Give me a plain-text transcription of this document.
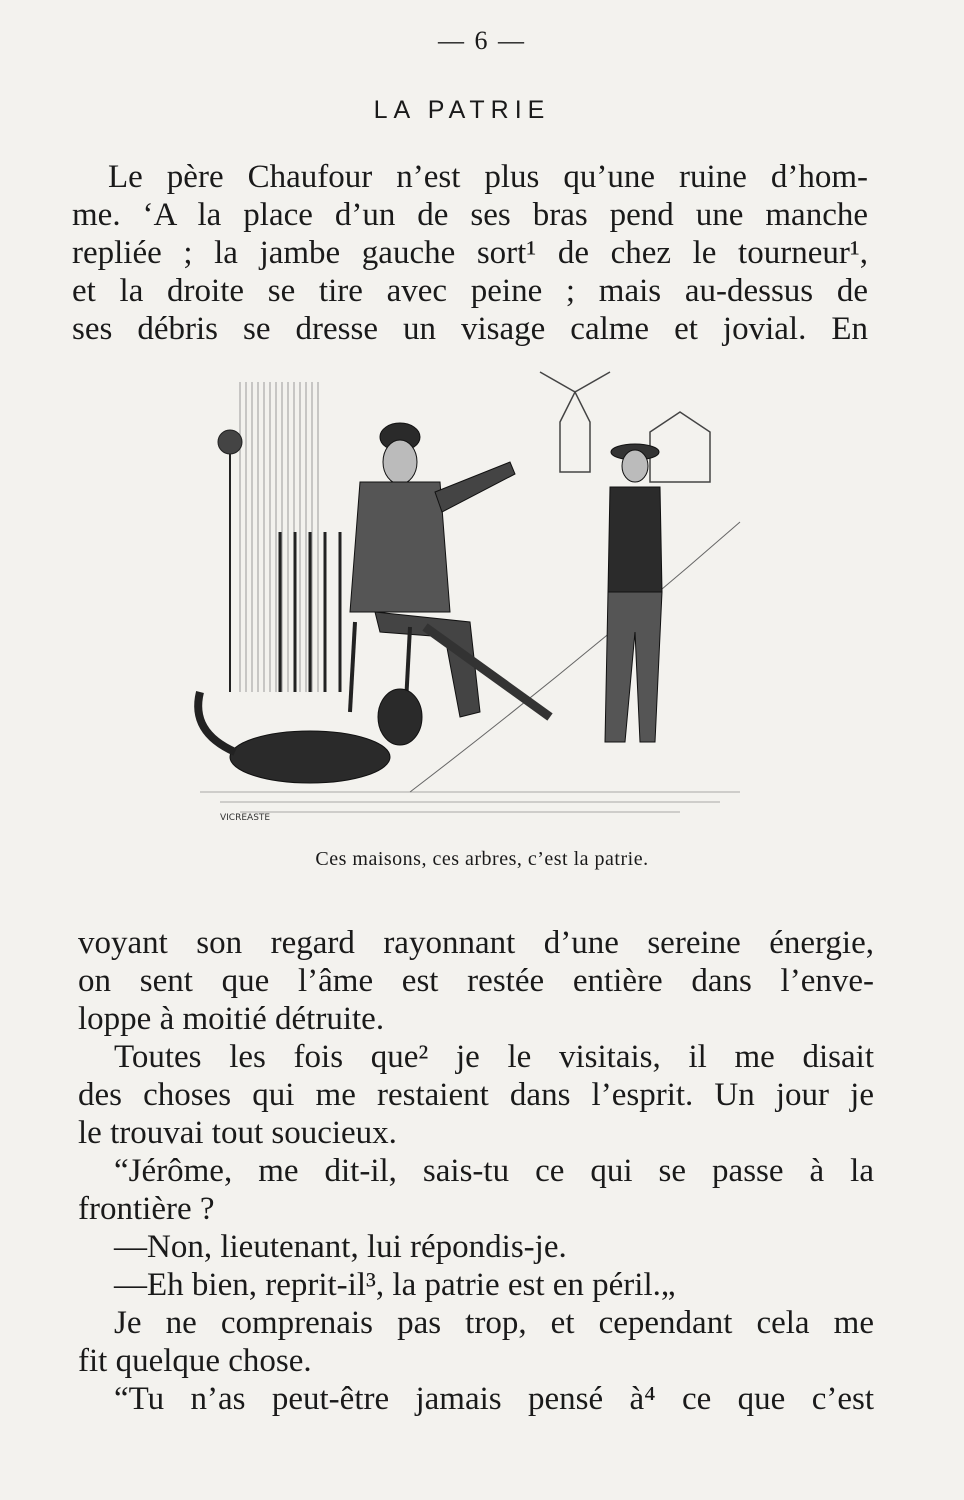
— 6 —
LA PATRIE
Le père Chaufour n’est plus qu’une ruine d’hom-
me. ‘A la place d’un de ses bras pend une manche
repliée ; la jambe gauche sort¹ de chez le tourneur¹,
et la droite se tire avec peine ; mais au-dessus de
ses débris se dresse un visage calme et jovial. En
VICREASTE
Ces maisons, ces arbres, c’est la patrie.
voyant son regard rayonnant d’une sereine énergie,
on sent que l’âme est restée entière dans l’enve-
loppe à moitié détruite.
Toutes les fois que² je le visitais, il me disait
des choses qui me restaient dans l’esprit. Un jour je
le trouvai tout soucieux.
“Jérôme, me dit-il, sais-tu ce qui se passe à la
frontière ?
—Non, lieutenant, lui répondis-je.
—Eh bien, reprit-il³, la patrie est en péril.„
Je ne comprenais pas trop, et cependant cela me
fit quelque chose.
“Tu n’as peut-être jamais pensé à⁴ ce que c’est
